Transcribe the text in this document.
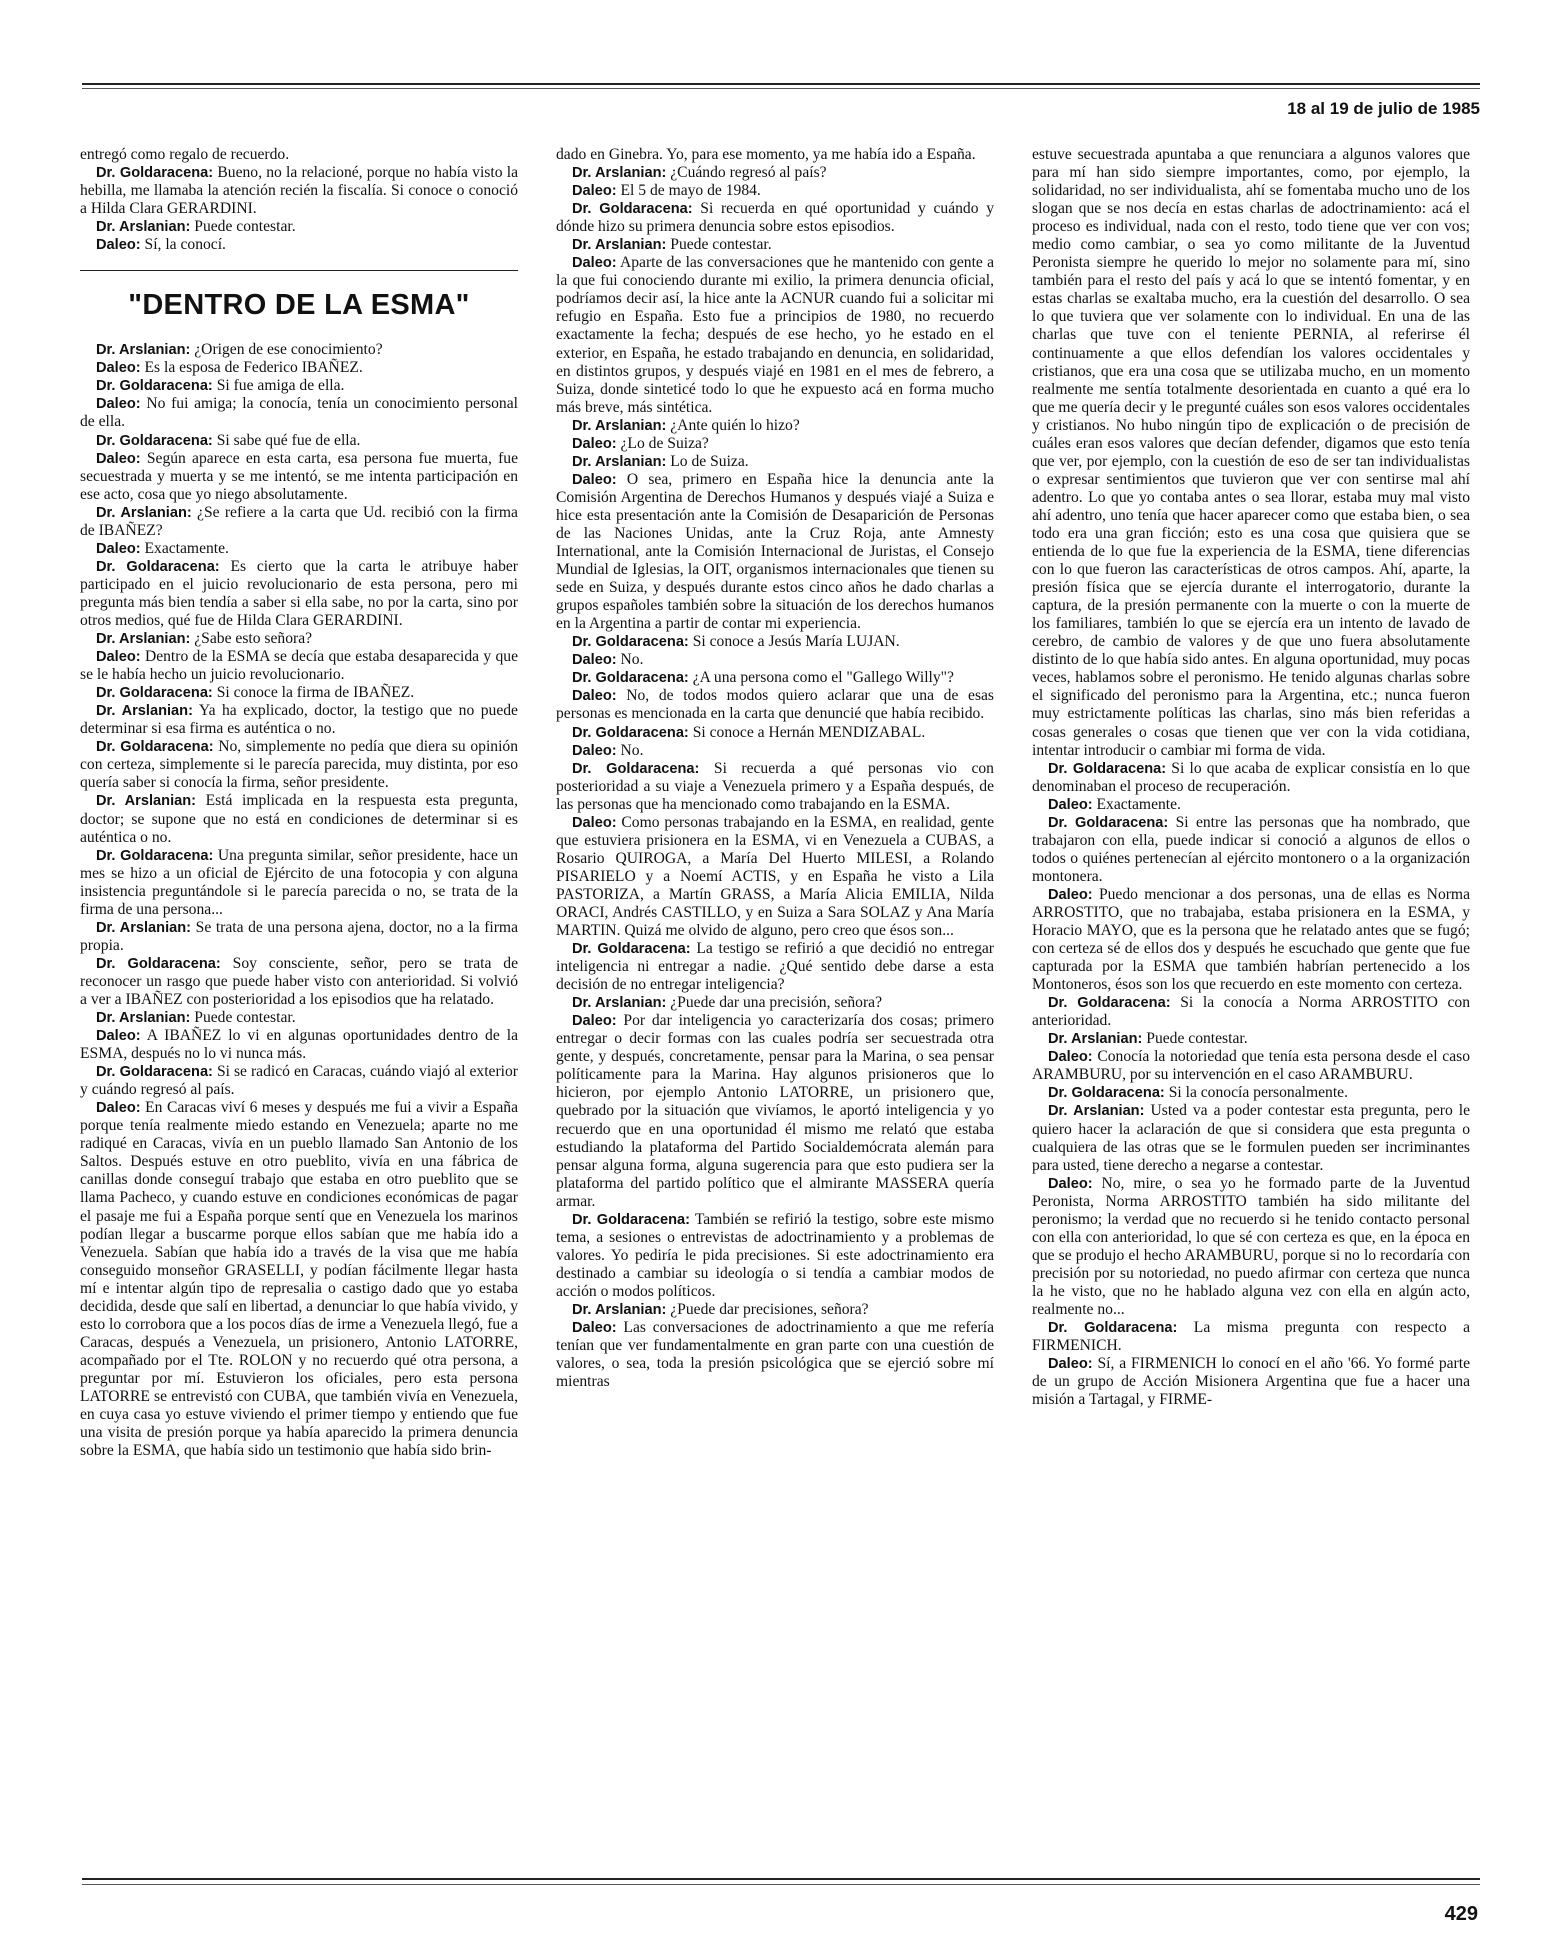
18 al 19 de julio de 1985

entregó como regalo de recuerdo.

Dr. Goldaracena: Bueno, no la relacioné, porque no había visto la hebilla, me llamaba la atención recién la fiscalía. Si conoce o conoció a Hilda Clara GERARDINI.

Dr. Arslanian: Puede contestar.

Daleo: Sí, la conocí.

"DENTRO DE LA ESMA"

Dr. Arslanian: ¿Origen de ese conocimiento?

Daleo: Es la esposa de Federico IBAÑEZ.

Dr. Goldaracena: Si fue amiga de ella.

Daleo: No fui amiga; la conocía, tenía un conocimiento personal de ella.

Dr. Goldaracena: Si sabe qué fue de ella.

Daleo: Según aparece en esta carta, esa persona fue muerta, fue secuestrada y muerta y se me intentó, se me intenta participación en ese acto, cosa que yo niego absolutamente.

Dr. Arslanian: ¿Se refiere a la carta que Ud. recibió con la firma de IBAÑEZ?

Daleo: Exactamente.

Dr. Goldaracena: Es cierto que la carta le atribuye haber participado en el juicio revolucionario de esta persona, pero mi pregunta más bien tendía a saber si ella sabe, no por la carta, sino por otros medios, qué fue de Hilda Clara GERARDINI.

Dr. Arslanian: ¿Sabe esto señora?

Daleo: Dentro de la ESMA se decía que estaba desaparecida y que se le había hecho un juicio revolucionario.

Dr. Goldaracena: Si conoce la firma de IBAÑEZ.

Dr. Arslanian: Ya ha explicado, doctor, la testigo que no puede determinar si esa firma es auténtica o no.

Dr. Goldaracena: No, simplemente no pedía que diera su opinión con certeza, simplemente si le parecía parecida, muy distinta, por eso quería saber si conocía la firma, señor presidente.

Dr. Arslanian: Está implicada en la respuesta esta pregunta, doctor; se supone que no está en condiciones de determinar si es auténtica o no.

Dr. Goldaracena: Una pregunta similar, señor presidente, hace un mes se hizo a un oficial de Ejército de una fotocopia y con alguna insistencia preguntándole si le parecía parecida o no, se trata de la firma de una persona...

Dr. Arslanian: Se trata de una persona ajena, doctor, no a la firma propia.

Dr. Goldaracena: Soy consciente, señor, pero se trata de reconocer un rasgo que puede haber visto con anterioridad. Si volvió a ver a IBAÑEZ con posterioridad a los episodios que ha relatado.

Dr. Arslanian: Puede contestar.

Daleo: A IBAÑEZ lo vi en algunas oportunidades dentro de la ESMA, después no lo vi nunca más.

Dr. Goldaracena: Si se radicó en Caracas, cuándo viajó al exterior y cuándo regresó al país.

Daleo: En Caracas viví 6 meses y después me fui a vivir a España porque tenía realmente miedo estando en Venezuela; aparte no me radiqué en Caracas, vivía en un pueblo llamado San Antonio de los Saltos. Después estuve en otro pueblito, vivía en una fábrica de canillas donde conseguí trabajo que estaba en otro pueblito que se llama Pacheco, y cuando estuve en condiciones económicas de pagar el pasaje me fui a España porque sentí que en Venezuela los marinos podían llegar a buscarme porque ellos sabían que me había ido a Venezuela. Sabían que había ido a través de la visa que me había conseguido monseñor GRASELLI, y podían fácilmente llegar hasta mí e intentar algún tipo de represalia o castigo dado que yo estaba decidida, desde que salí en libertad, a denunciar lo que había vivido, y esto lo corrobora que a los pocos días de irme a Venezuela llegó, fue a Caracas, después a Venezuela, un prisionero, Antonio LATORRE, acompañado por el Tte. ROLON y no recuerdo qué otra persona, a preguntar por mí. Estuvieron los oficiales, pero esta persona LATORRE se entrevistó con CUBA, que también vivía en Venezuela, en cuya casa yo estuve viviendo el primer tiempo y entiendo que fue una visita de presión porque ya había aparecido la primera denuncia sobre la ESMA, que había sido un testimonio que había sido brin-

dado en Ginebra. Yo, para ese momento, ya me había ido a España.

Dr. Arslanian: ¿Cuándo regresó al país?

Daleo: El 5 de mayo de 1984.

Dr. Goldaracena: Si recuerda en qué oportunidad y cuándo y dónde hizo su primera denuncia sobre estos episodios.

Dr. Arslanian: Puede contestar.

Daleo: Aparte de las conversaciones que he mantenido con gente a la que fui conociendo durante mi exilio, la primera denuncia oficial, podríamos decir así, la hice ante la ACNUR cuando fui a solicitar mi refugio en España. Esto fue a principios de 1980, no recuerdo exactamente la fecha; después de ese hecho, yo he estado en el exterior, en España, he estado trabajando en denuncia, en solidaridad, en distintos grupos, y después viajé en 1981 en el mes de febrero, a Suiza, donde sinteticé todo lo que he expuesto acá en forma mucho más breve, más sintética.

Dr. Arslanian: ¿Ante quién lo hizo?

Daleo: ¿Lo de Suiza?

Dr. Arslanian: Lo de Suiza.

Daleo: O sea, primero en España hice la denuncia ante la Comisión Argentina de Derechos Humanos y después viajé a Suiza e hice esta presentación ante la Comisión de Desaparición de Personas de las Naciones Unidas, ante la Cruz Roja, ante Amnesty International, ante la Comisión Internacional de Juristas, el Consejo Mundial de Iglesias, la OIT, organismos internacionales que tienen su sede en Suiza, y después durante estos cinco años he dado charlas a grupos españoles también sobre la situación de los derechos humanos en la Argentina a partir de contar mi experiencia.

Dr. Goldaracena: Si conoce a Jesús María LUJAN.

Daleo: No.

Dr. Goldaracena: ¿A una persona como el "Gallego Willy"?

Daleo: No, de todos modos quiero aclarar que una de esas personas es mencionada en la carta que denuncié que había recibido.

Dr. Goldaracena: Si conoce a Hernán MENDIZABAL.

Daleo: No.

Dr. Goldaracena: Si recuerda a qué personas vio con posterioridad a su viaje a Venezuela primero y a España después, de las personas que ha mencionado como trabajando en la ESMA.

Daleo: Como personas trabajando en la ESMA, en realidad, gente que estuviera prisionera en la ESMA, vi en Venezuela a CUBAS, a Rosario QUIROGA, a María Del Huerto MILESI, a Rolando PISARIELO y a Noemí ACTIS, y en España he visto a Lila PASTORIZA, a Martín GRASS, a María Alicia EMILIA, Nilda ORACI, Andrés CASTILLO, y en Suiza a Sara SOLAZ y Ana María MARTIN. Quizá me olvido de alguno, pero creo que ésos son...

Dr. Goldaracena: La testigo se refirió a que decidió no entregar inteligencia ni entregar a nadie. ¿Qué sentido debe darse a esta decisión de no entregar inteligencia?

Dr. Arslanian: ¿Puede dar una precisión, señora?

Daleo: Por dar inteligencia yo caracterizaría dos cosas; primero entregar o decir formas con las cuales podría ser secuestrada otra gente, y después, concretamente, pensar para la Marina, o sea pensar políticamente para la Marina. Hay algunos prisioneros que lo hicieron, por ejemplo Antonio LATORRE, un prisionero que, quebrado por la situación que vivíamos, le aportó inteligencia y yo recuerdo que en una oportunidad él mismo me relató que estaba estudiando la plataforma del Partido Socialdemócrata alemán para pensar alguna forma, alguna sugerencia para que esto pudiera ser la plataforma del partido político que el almirante MASSERA quería armar.

Dr. Goldaracena: También se refirió la testigo, sobre este mismo tema, a sesiones o entrevistas de adoctrinamiento y a problemas de valores. Yo pediría le pida precisiones. Si este adoctrinamiento era destinado a cambiar su ideología o si tendía a cambiar modos de acción o modos políticos.

Dr. Arslanian: ¿Puede dar precisiones, señora?

Daleo: Las conversaciones de adoctrinamiento a que me refería tenían que ver fundamentalmente en gran parte con una cuestión de valores, o sea, toda la presión psicológica que se ejerció sobre mí mientras

estuve secuestrada apuntaba a que renunciara a algunos valores que para mí han sido siempre importantes, como, por ejemplo, la solidaridad, no ser individualista, ahí se fomentaba mucho uno de los slogan que se nos decía en estas charlas de adoctrinamiento: acá el proceso es individual, nada con el resto, todo tiene que ver con vos; medio como cambiar, o sea yo como militante de la Juventud Peronista siempre he querido lo mejor no solamente para mí, sino también para el resto del país y acá lo que se intentó fomentar, y en estas charlas se exaltaba mucho, era la cuestión del desarrollo. O sea lo que tuviera que ver solamente con lo individual. En una de las charlas que tuve con el teniente PERNIA, al referirse él continuamente a que ellos defendían los valores occidentales y cristianos, que era una cosa que se utilizaba mucho, en un momento realmente me sentía totalmente desorientada en cuanto a qué era lo que me quería decir y le pregunté cuáles son esos valores occidentales y cristianos. No hubo ningún tipo de explicación o de precisión de cuáles eran esos valores que decían defender, digamos que esto tenía que ver, por ejemplo, con la cuestión de eso de ser tan individualistas o expresar sentimientos que tuvieron que ver con sentirse mal ahí adentro. Lo que yo contaba antes o sea llorar, estaba muy mal visto ahí adentro, uno tenía que hacer aparecer como que estaba bien, o sea todo era una gran ficción; esto es una cosa que quisiera que se entienda de lo que fue la experiencia de la ESMA, tiene diferencias con lo que fueron las características de otros campos. Ahí, aparte, la presión física que se ejercía durante el interrogatorio, durante la captura, de la presión permanente con la muerte o con la muerte de los familiares, también lo que se ejercía era un intento de lavado de cerebro, de cambio de valores y de que uno fuera absolutamente distinto de lo que había sido antes. En alguna oportunidad, muy pocas veces, hablamos sobre el peronismo. He tenido algunas charlas sobre el significado del peronismo para la Argentina, etc.; nunca fueron muy estrictamente políticas las charlas, sino más bien referidas a cosas generales o cosas que tienen que ver con la vida cotidiana, intentar introducir o cambiar mi forma de vida.

Dr. Goldaracena: Si lo que acaba de explicar consistía en lo que denominaban el proceso de recuperación.

Daleo: Exactamente.

Dr. Goldaracena: Si entre las personas que ha nombrado, que trabajaron con ella, puede indicar si conoció a algunos de ellos o todos o quiénes pertenecían al ejército montonero o a la organización montonera.

Daleo: Puedo mencionar a dos personas, una de ellas es Norma ARROSTITO, que no trabajaba, estaba prisionera en la ESMA, y Horacio MAYO, que es la persona que he relatado antes que se fugó; con certeza sé de ellos dos y después he escuchado que gente que fue capturada por la ESMA que también habrían pertenecido a los Montoneros, ésos son los que recuerdo en este momento con certeza.

Dr. Goldaracena: Si la conocía a Norma ARROSTITO con anterioridad.

Dr. Arslanian: Puede contestar.

Daleo: Conocía la notoriedad que tenía esta persona desde el caso ARAMBURU, por su intervención en el caso ARAMBURU.

Dr. Goldaracena: Si la conocía personalmente.

Dr. Arslanian: Usted va a poder contestar esta pregunta, pero le quiero hacer la aclaración de que si considera que esta pregunta o cualquiera de las otras que se le formulen pueden ser incriminantes para usted, tiene derecho a negarse a contestar.

Daleo: No, mire, o sea yo he formado parte de la Juventud Peronista, Norma ARROSTITO también ha sido militante del peronismo; la verdad que no recuerdo si he tenido contacto personal con ella con anterioridad, lo que sé con certeza es que, en la época en que se produjo el hecho ARAMBURU, porque si no lo recordaría con precisión por su notoriedad, no puedo afirmar con certeza que nunca la he visto, que no he hablado alguna vez con ella en algún acto, realmente no...

Dr. Goldaracena: La misma pregunta con respecto a FIRMENICH.

Daleo: Sí, a FIRMENICH lo conocí en el año '66. Yo formé parte de un grupo de Acción Misionera Argentina que fue a hacer una misión a Tartagal, y FIRME-

429
